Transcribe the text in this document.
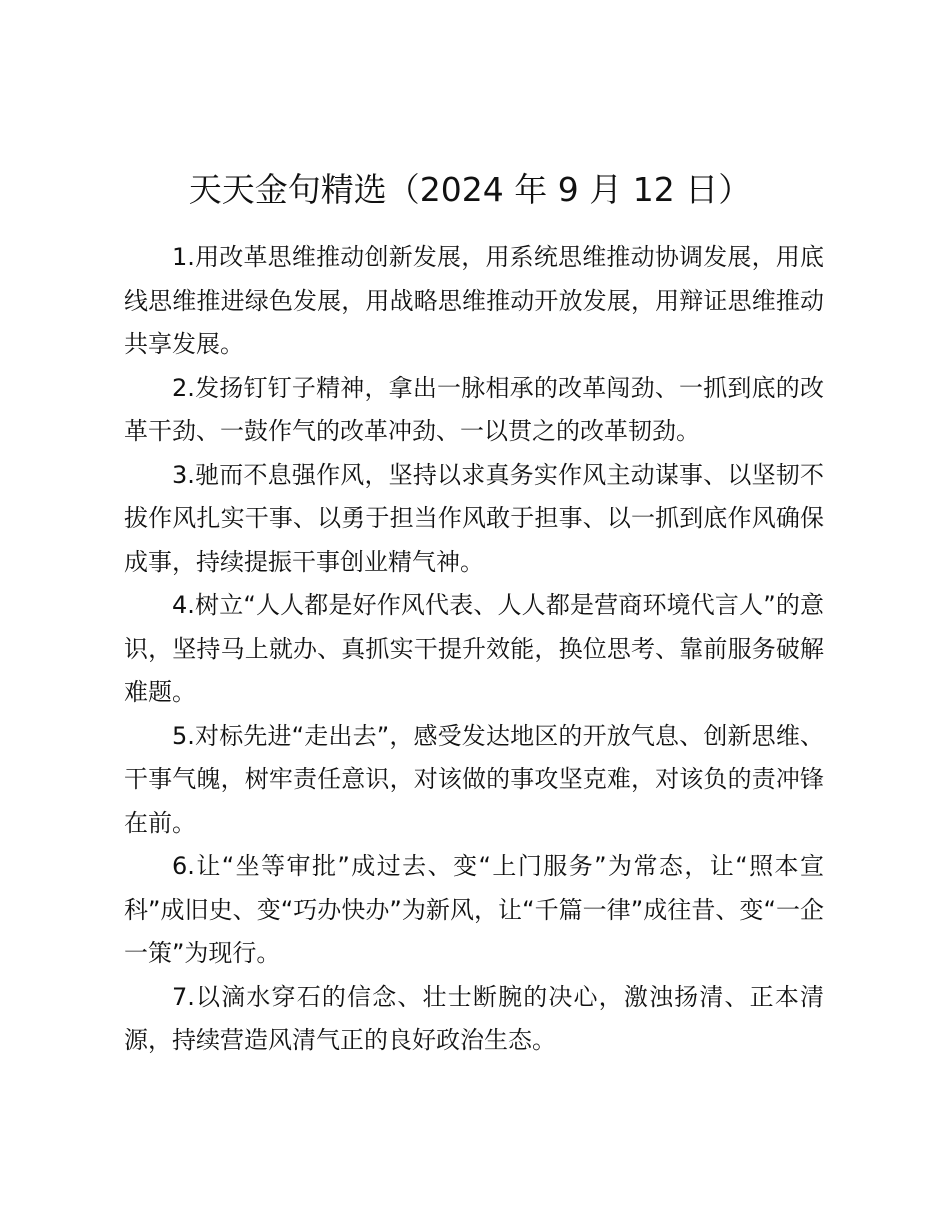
天天金句精选（2024 年 9 月 12 日）

1.用改革思维推动创新发展，用系统思维推动协调发展，用底线思维推进绿色发展，用战略思维推动开放发展，用辩证思维推动共享发展。

2.发扬钉钉子精神，拿出一脉相承的改革闯劲、一抓到底的改革干劲、一鼓作气的改革冲劲、一以贯之的改革韧劲。

3.驰而不息强作风，坚持以求真务实作风主动谋事、以坚韧不拔作风扎实干事、以勇于担当作风敢于担事、以一抓到底作风确保成事，持续提振干事创业精气神。

4.树立“人人都是好作风代表、人人都是营商环境代言人”的意识，坚持马上就办、真抓实干提升效能，换位思考、靠前服务破解难题。

5.对标先进“走出去”，感受发达地区的开放气息、创新思维、干事气魄，树牢责任意识，对该做的事攻坚克难，对该负的责冲锋在前。

6.让“坐等审批”成过去、变“上门服务”为常态，让“照本宣科”成旧史、变“巧办快办”为新风，让“千篇一律”成往昔、变“一企一策”为现行。

7.以滴水穿石的信念、壮士断腕的决心，激浊扬清、正本清源，持续营造风清气正的良好政治生态。
